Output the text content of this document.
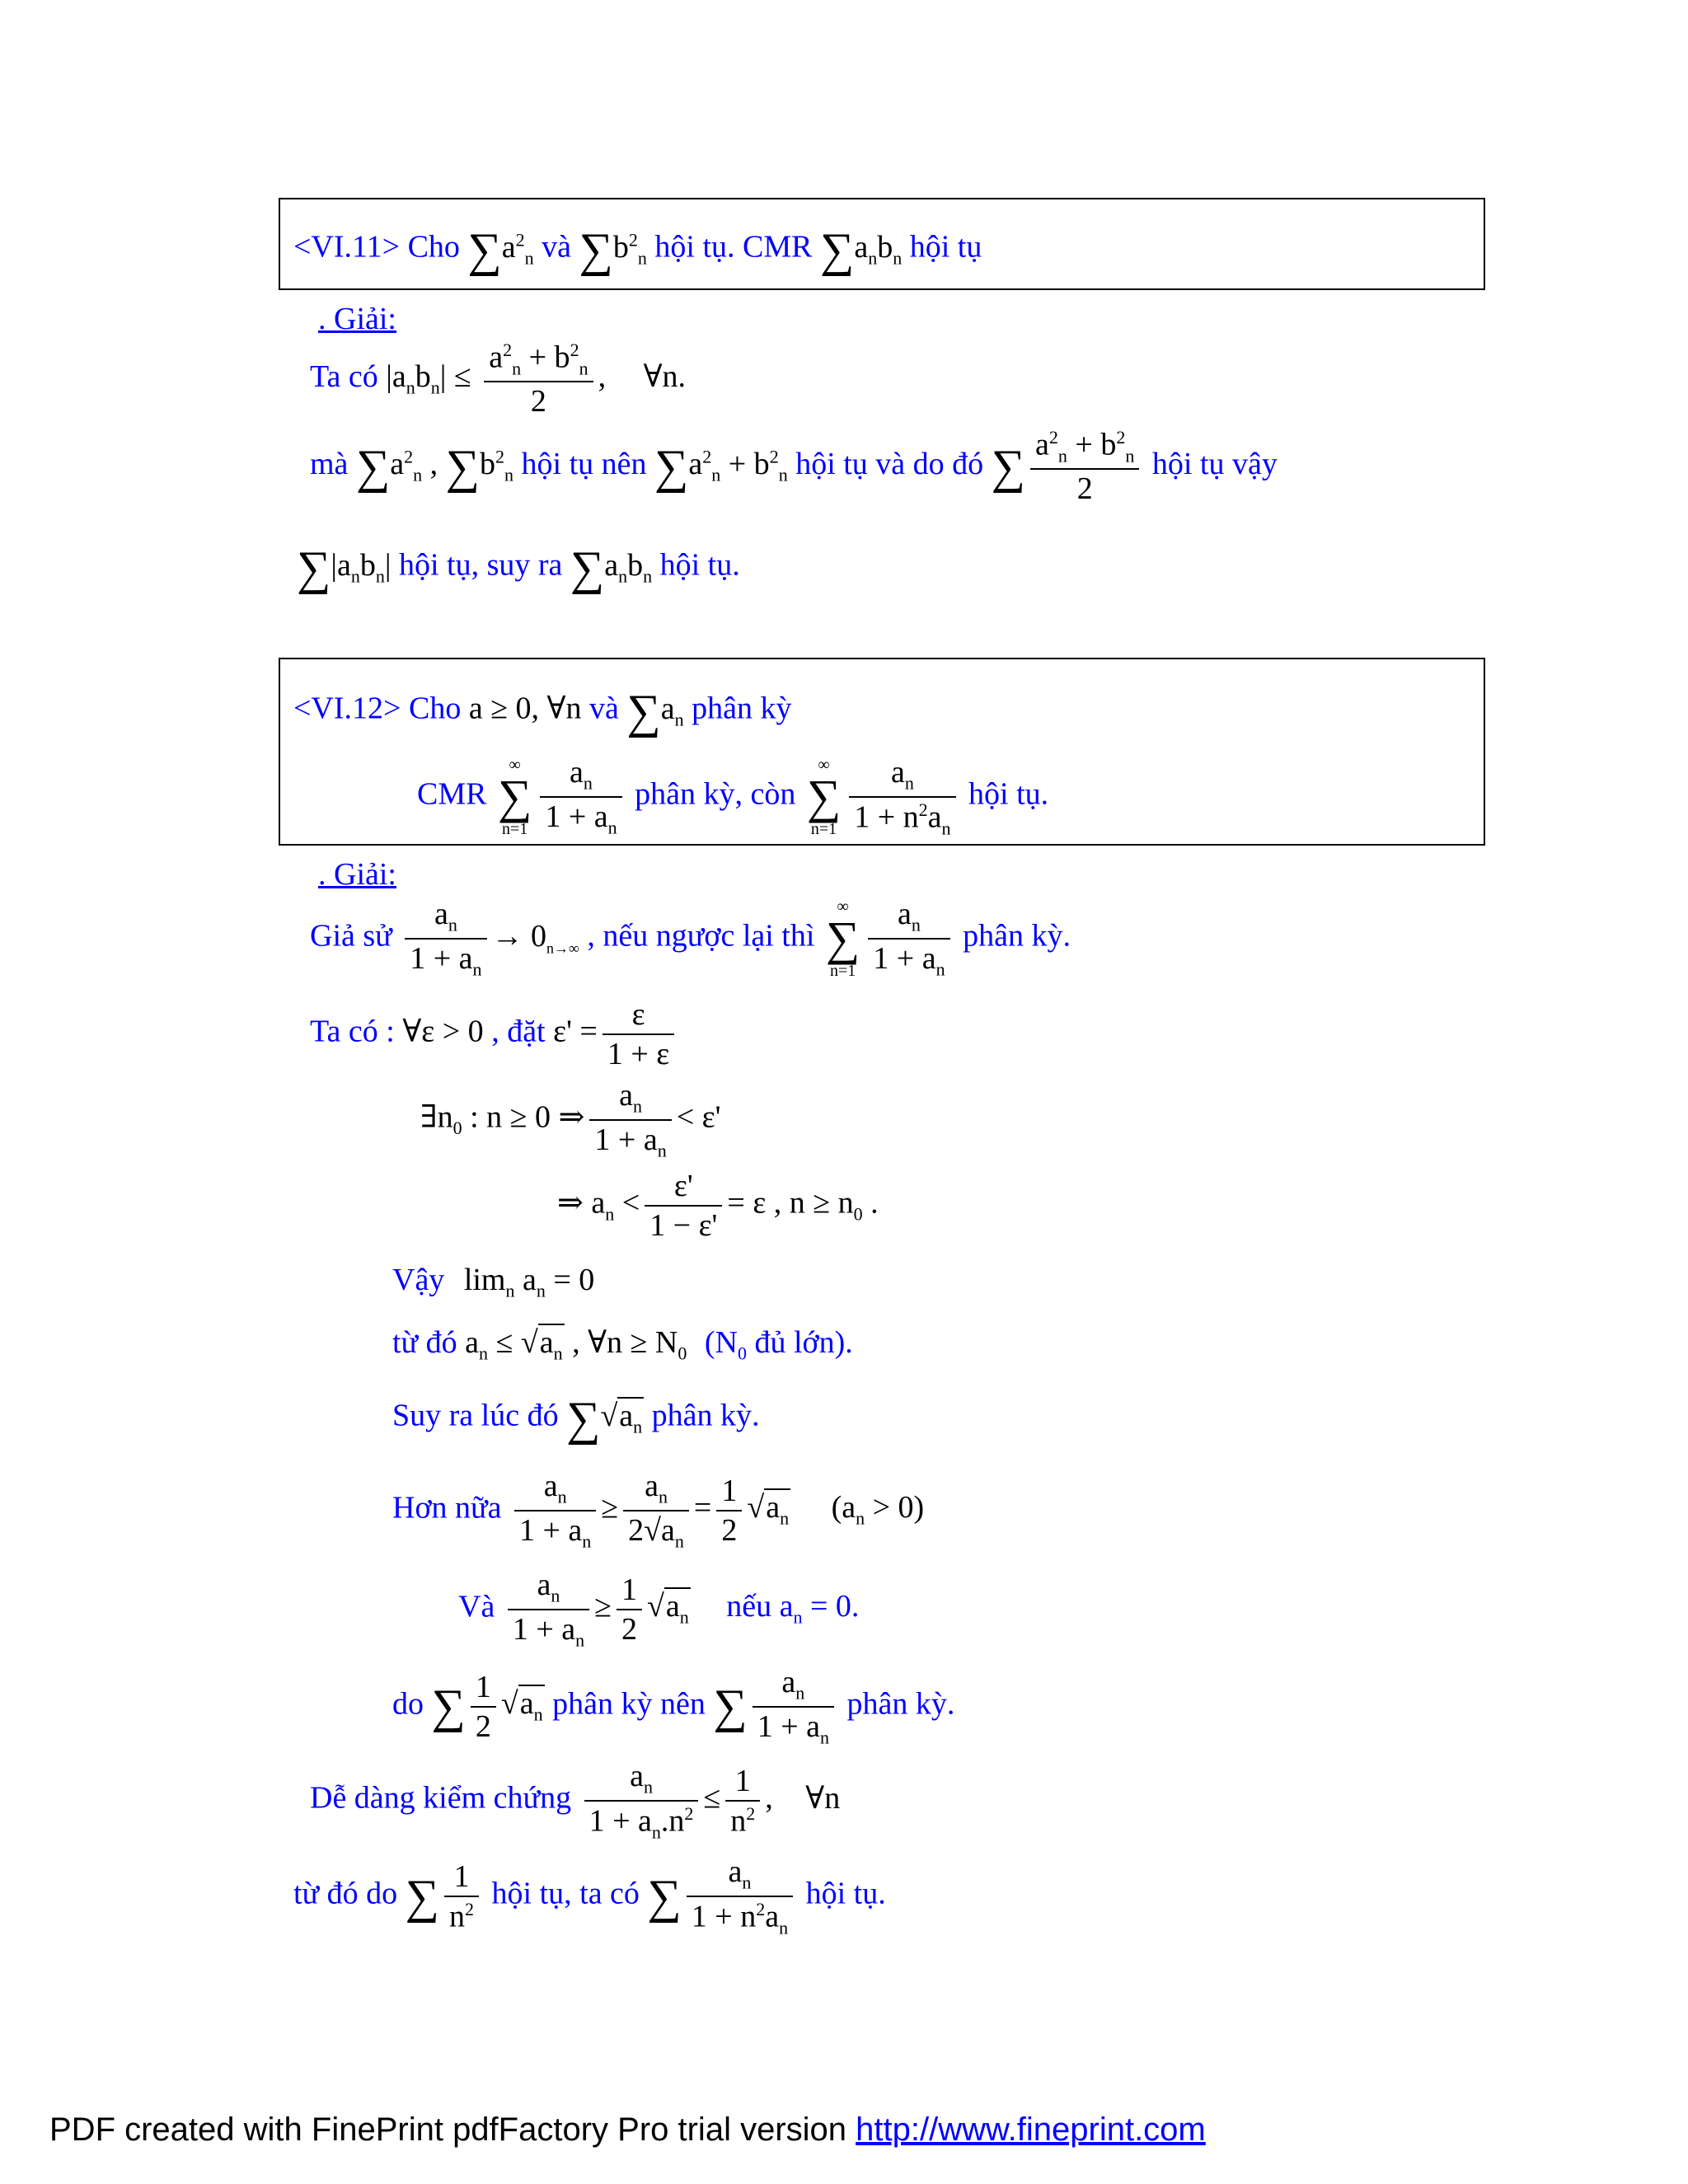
<VI.11> Cho $\sum a^2_n$ và $\sum b^2_n$ hội tụ. CMR $\sum a_nb_n$ hội tụ
. Giải:
Ta có $|a_nb_n| \le \frac{a^2_n + b^2_n}{2}$ , ∀n.
mà $\sum a^2_n$ , $\sum b^2_n$ hội tụ nên $\sum a^2_n + b^2_n$ hội tụ và do đó ∑ $\frac{a^2_n + b^2_n}{2}$ hội tụ vậy
$\sum|a_nb_n|$ hội tụ, suy ra $\sum a_nb_n$ hội tụ.
<VI.12> Cho a ≥ 0, ∀n và $\sum a_n$ phân kỳ
CMR
∞
∑
$n=1 \frac{a_n}{1 + a_n}$ phân kỳ, còn
∞
∑
$n=1 \frac{a_n}{1 + n^2a_n}$ hội tụ.
. Giải:
Giả sử $\frac{a_n}{1 + a_n} \to 0_{n\to\infty}$ , nếu ngược lại thì
∞
∑
$n=1 \frac{a_n}{1 + a_n}$ phân kỳ.
Ta có : ∀ε > 0 , đặt $\varepsilon' = \frac{\varepsilon}{1 + \varepsilon}$
$\exists n_0$ : n ≥ 0 ⇒ $\frac{a_n}{1 + a_n} < \varepsilon'$
⇒ $a_n < \frac{\varepsilon'}{1 - \varepsilon'} = \varepsilon$ , $n \ge n_0$ .
Vậy $\lim_n a_n = 0$
từ đó $a_n \le √a_n$ , ∀n ≥ $N_0$ ($N_0$ đủ lớn).
Suy ra lúc đó $\sum√a_n$ phân kỳ.
Hơn nữa $\frac{a_n}{1 + a_n} \ge \frac{a_n}{2√a_n} = \frac{1}{2} √a_n$ $(a_n > 0)$
Và $\frac{a_n}{1 + a_n} \ge \frac{1}{2} √a_n$ nếu $a_n = 0$.
do ∑ $\frac{1}{2} √a_n$ phân kỳ nên ∑ $\frac{a_n}{1 + a_n}$ phân kỳ.
Dễ dàng kiểm chứng $\frac{a_n}{1 + a_n.n^2} \le \frac{1}{n^2}$ , ∀n
từ đó do ∑ $\frac{1}{n^2}$ hội tụ, ta có ∑ $\frac{a_n}{1 + n^2a_n}$ hội tụ.
PDF created with FinePrint pdfFactory Pro trial version http://www.fineprint.com
